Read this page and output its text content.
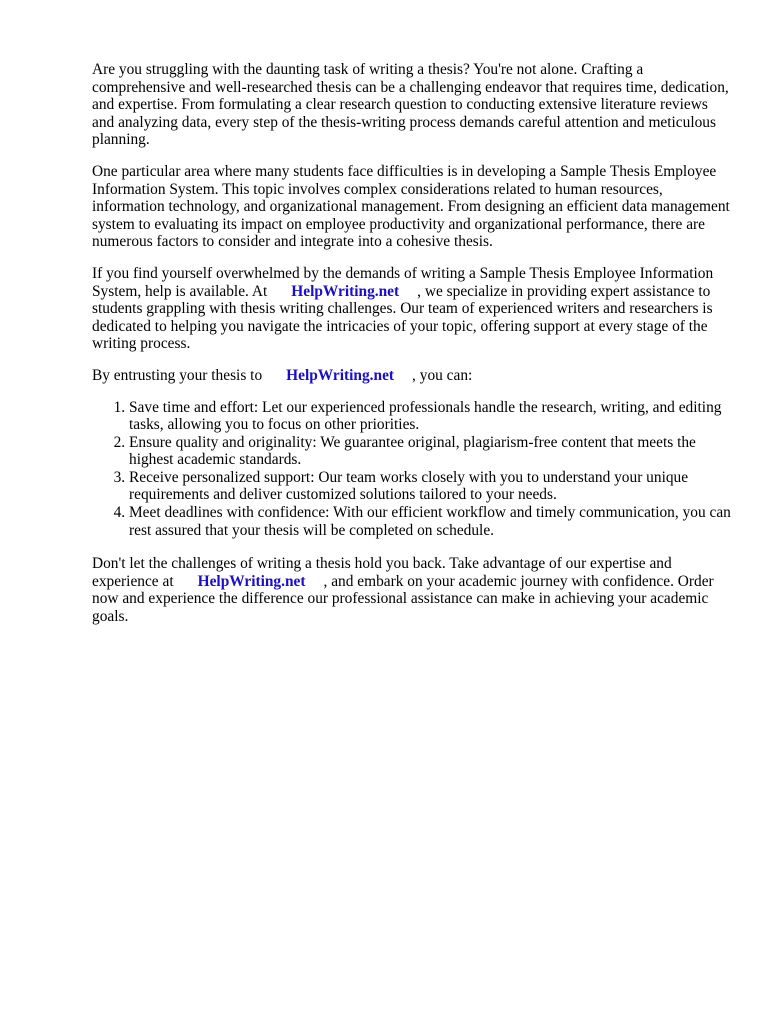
Are you struggling with the daunting task of writing a thesis? You're not alone. Crafting a comprehensive and well-researched thesis can be a challenging endeavor that requires time, dedication, and expertise. From formulating a clear research question to conducting extensive literature reviews and analyzing data, every step of the thesis-writing process demands careful attention and meticulous planning.

One particular area where many students face difficulties is in developing a Sample Thesis Employee Information System. This topic involves complex considerations related to human resources, information technology, and organizational management. From designing an efficient data management system to evaluating its impact on employee productivity and organizational performance, there are numerous factors to consider and integrate into a cohesive thesis.

If you find yourself overwhelmed by the demands of writing a Sample Thesis Employee Information System, help is available. At HelpWriting.net , we specialize in providing expert assistance to students grappling with thesis writing challenges. Our team of experienced writers and researchers is dedicated to helping you navigate the intricacies of your topic, offering support at every stage of the writing process.

By entrusting your thesis to HelpWriting.net , you can:

1. Save time and effort: Let our experienced professionals handle the research, writing, and editing tasks, allowing you to focus on other priorities.
2. Ensure quality and originality: We guarantee original, plagiarism-free content that meets the highest academic standards.
3. Receive personalized support: Our team works closely with you to understand your unique requirements and deliver customized solutions tailored to your needs.
4. Meet deadlines with confidence: With our efficient workflow and timely communication, you can rest assured that your thesis will be completed on schedule.

Don't let the challenges of writing a thesis hold you back. Take advantage of our expertise and experience at HelpWriting.net , and embark on your academic journey with confidence. Order now and experience the difference our professional assistance can make in achieving your academic goals.
